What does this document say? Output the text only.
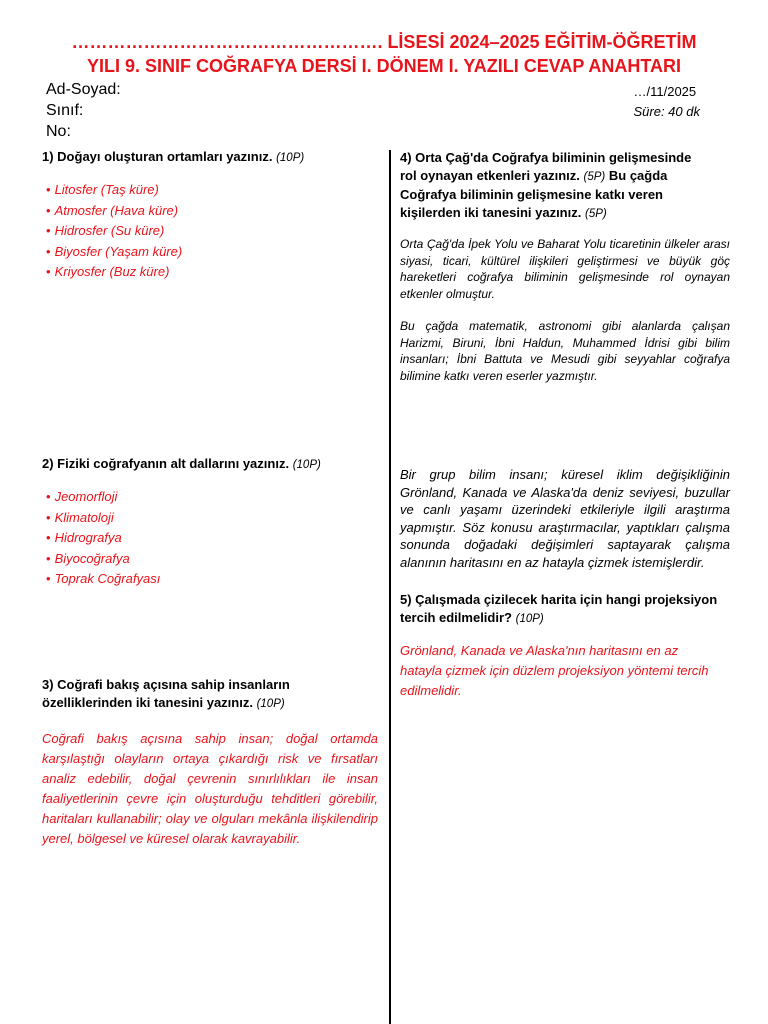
……………………………………………. LİSESİ 2024–2025 EĞİTİM-ÖĞRETİM
YILI 9. SINIF COĞRAFYA DERSİ I. DÖNEM I. YAZILI CEVAP ANAHTARI
Ad-Soyad:
Sınıf:
No:
…/11/2025
Süre: 40 dk
1) Doğayı oluşturan ortamları yazınız. (10P)
• Litosfer (Taş küre)
• Atmosfer (Hava küre)
• Hidrosfer (Su küre)
• Biyosfer (Yaşam küre)
• Kriyosfer (Buz küre)
2) Fiziki coğrafyanın alt dallarını yazınız. (10P)
• Jeomorfloji
• Klimatoloji
• Hidrografya
• Biyocoğrafya
• Toprak Coğrafyası
3) Coğrafi bakış açısına sahip insanların özelliklerinden iki tanesini yazınız. (10P)
Coğrafi bakış açısına sahip insan; doğal ortamda karşılaştığı olayların ortaya çıkardığı risk ve fırsatları analiz edebilir, doğal çevrenin sınırlılıkları ile insan faaliyetlerinin çevre için oluşturduğu tehditleri görebilir, haritaları kullanabilir; olay ve olguları mekânla ilişkilendirip yerel, bölgesel ve küresel olarak kavrayabilir.
4) Orta Çağ'da Coğrafya biliminin gelişmesinde rol oynayan etkenleri yazınız. (5P) Bu çağda Coğrafya biliminin gelişmesine katkı veren kişilerden iki tanesini yazınız. (5P)
Orta Çağ'da İpek Yolu ve Baharat Yolu ticaretinin ülkeler arası siyasi, ticari, kültürel ilişkileri geliştirmesi ve büyük göç hareketleri coğrafya biliminin gelişmesinde rol oynayan etkenler olmuştur.
Bu çağda matematik, astronomi gibi alanlarda çalışan Harizmi, Biruni, İbni Haldun, Muhammed İdrisi gibi bilim insanları; İbni Battuta ve Mesudi gibi seyyahlar coğrafya bilimine katkı veren eserler yazmıştır.
Bir grup bilim insanı; küresel iklim değişikliğinin Grönland, Kanada ve Alaska'da deniz seviyesi, buzullar ve canlı yaşamı üzerindeki etkileriyle ilgili araştırma yapmıştır. Söz konusu araştırmacılar, yaptıkları çalışma sonunda doğadaki değişimleri saptayarak çalışma alanının haritasını en az hatayla çizmek istemişlerdir.
5) Çalışmada çizilecek harita için hangi projeksiyon tercih edilmelidir? (10P)
Grönland, Kanada ve Alaska'nın haritasını en az hatayla çizmek için düzlem projeksiyon yöntemi tercih edilmelidir.
